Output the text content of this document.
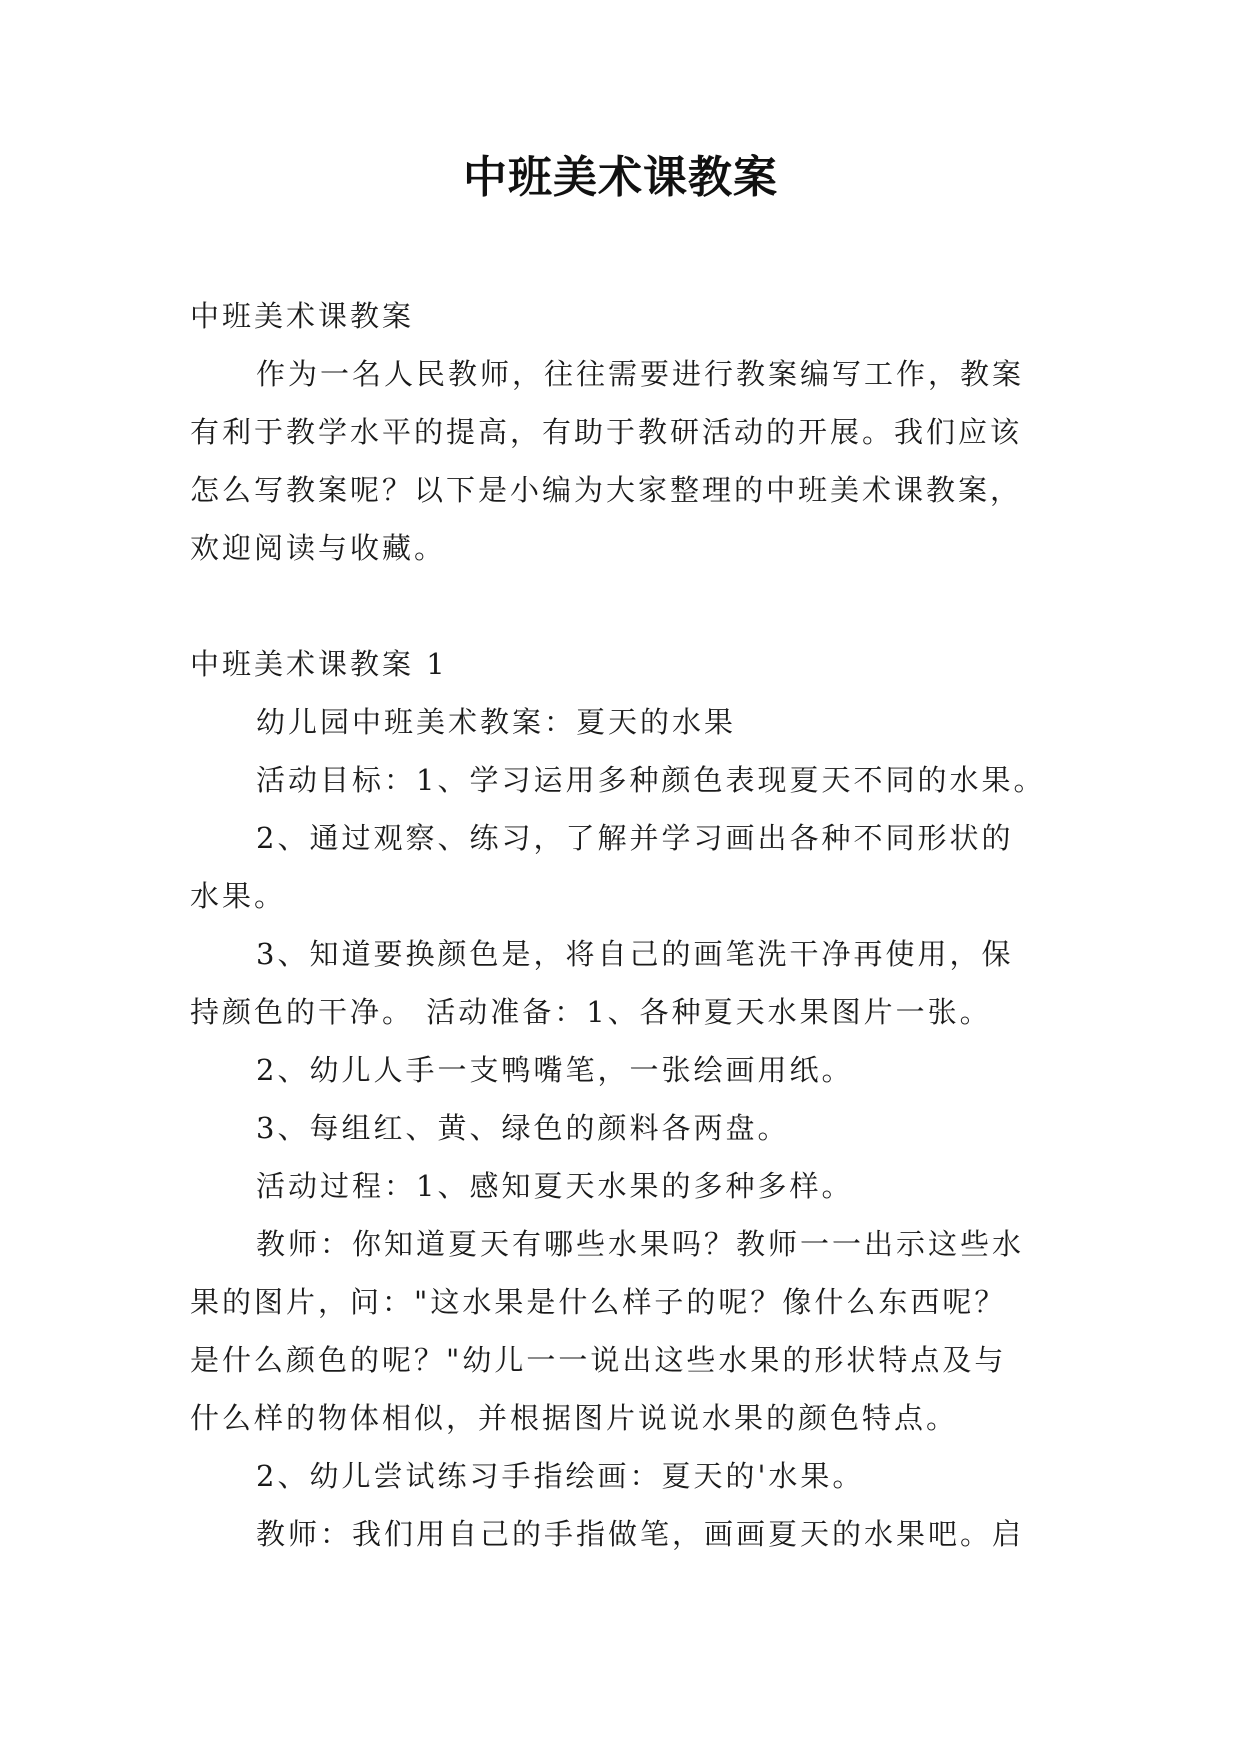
中班美术课教案
中班美术课教案
作为一名人民教师，往往需要进行教案编写工作，教案
有利于教学水平的提高，有助于教研活动的开展。我们应该
怎么写教案呢？以下是小编为大家整理的中班美术课教案，
欢迎阅读与收藏。
中班美术课教案 1
幼儿园中班美术教案：夏天的水果
活动目标：1、学习运用多种颜色表现夏天不同的水果。
2、通过观察、练习，了解并学习画出各种不同形状的
水果。
3、知道要换颜色是，将自己的画笔洗干净再使用，保
持颜色的干净。 活动准备：1、各种夏天水果图片一张。
2、幼儿人手一支鸭嘴笔，一张绘画用纸。
3、每组红、黄、绿色的颜料各两盘。
活动过程：1、感知夏天水果的多种多样。
教师：你知道夏天有哪些水果吗？教师一一出示这些水
果的图片，问："这水果是什么样子的呢？像什么东西呢？
是什么颜色的呢？"幼儿一一说出这些水果的形状特点及与
什么样的物体相似，并根据图片说说水果的颜色特点。
2、幼儿尝试练习手指绘画：夏天的'水果。
教师：我们用自己的手指做笔，画画夏天的水果吧。启
